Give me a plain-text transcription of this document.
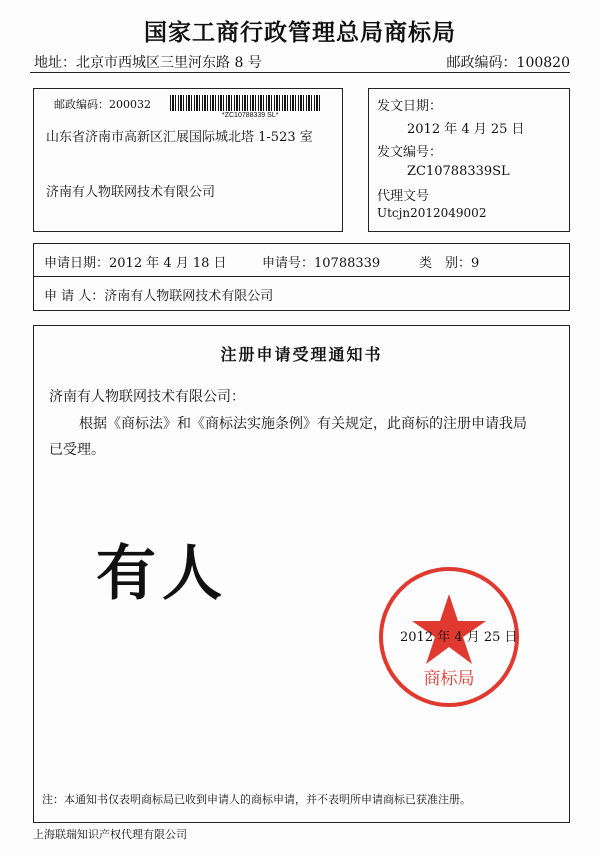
国家工商行政管理总局商标局
地址：北京市西城区三里河东路 8 号	邮政编码：100820
邮政编码：200032
*ZC10788339 SL*
山东省济南市高新区汇展国际城北塔 1-523 室
济南有人物联网技术有限公司
发文日期：
2012 年 4 月 25 日
发文编号：
ZC10788339SL
代理文号
Utcjn2012049002
申请日期：2012 年 4 月 18 日	申请号：10788339	类　别：9
申 请 人：济南有人物联网技术有限公司
注册申请受理通知书
济南有人物联网技术有限公司：
根据《商标法》和《商标法实施条例》有关规定，此商标的注册申请我局
已受理。
有人
商标局
2012 年 4 月 25 日
注：本通知书仅表明商标局已收到申请人的商标申请，并不表明所申请商标已获准注册。
上海联瑞知识产权代理有限公司
